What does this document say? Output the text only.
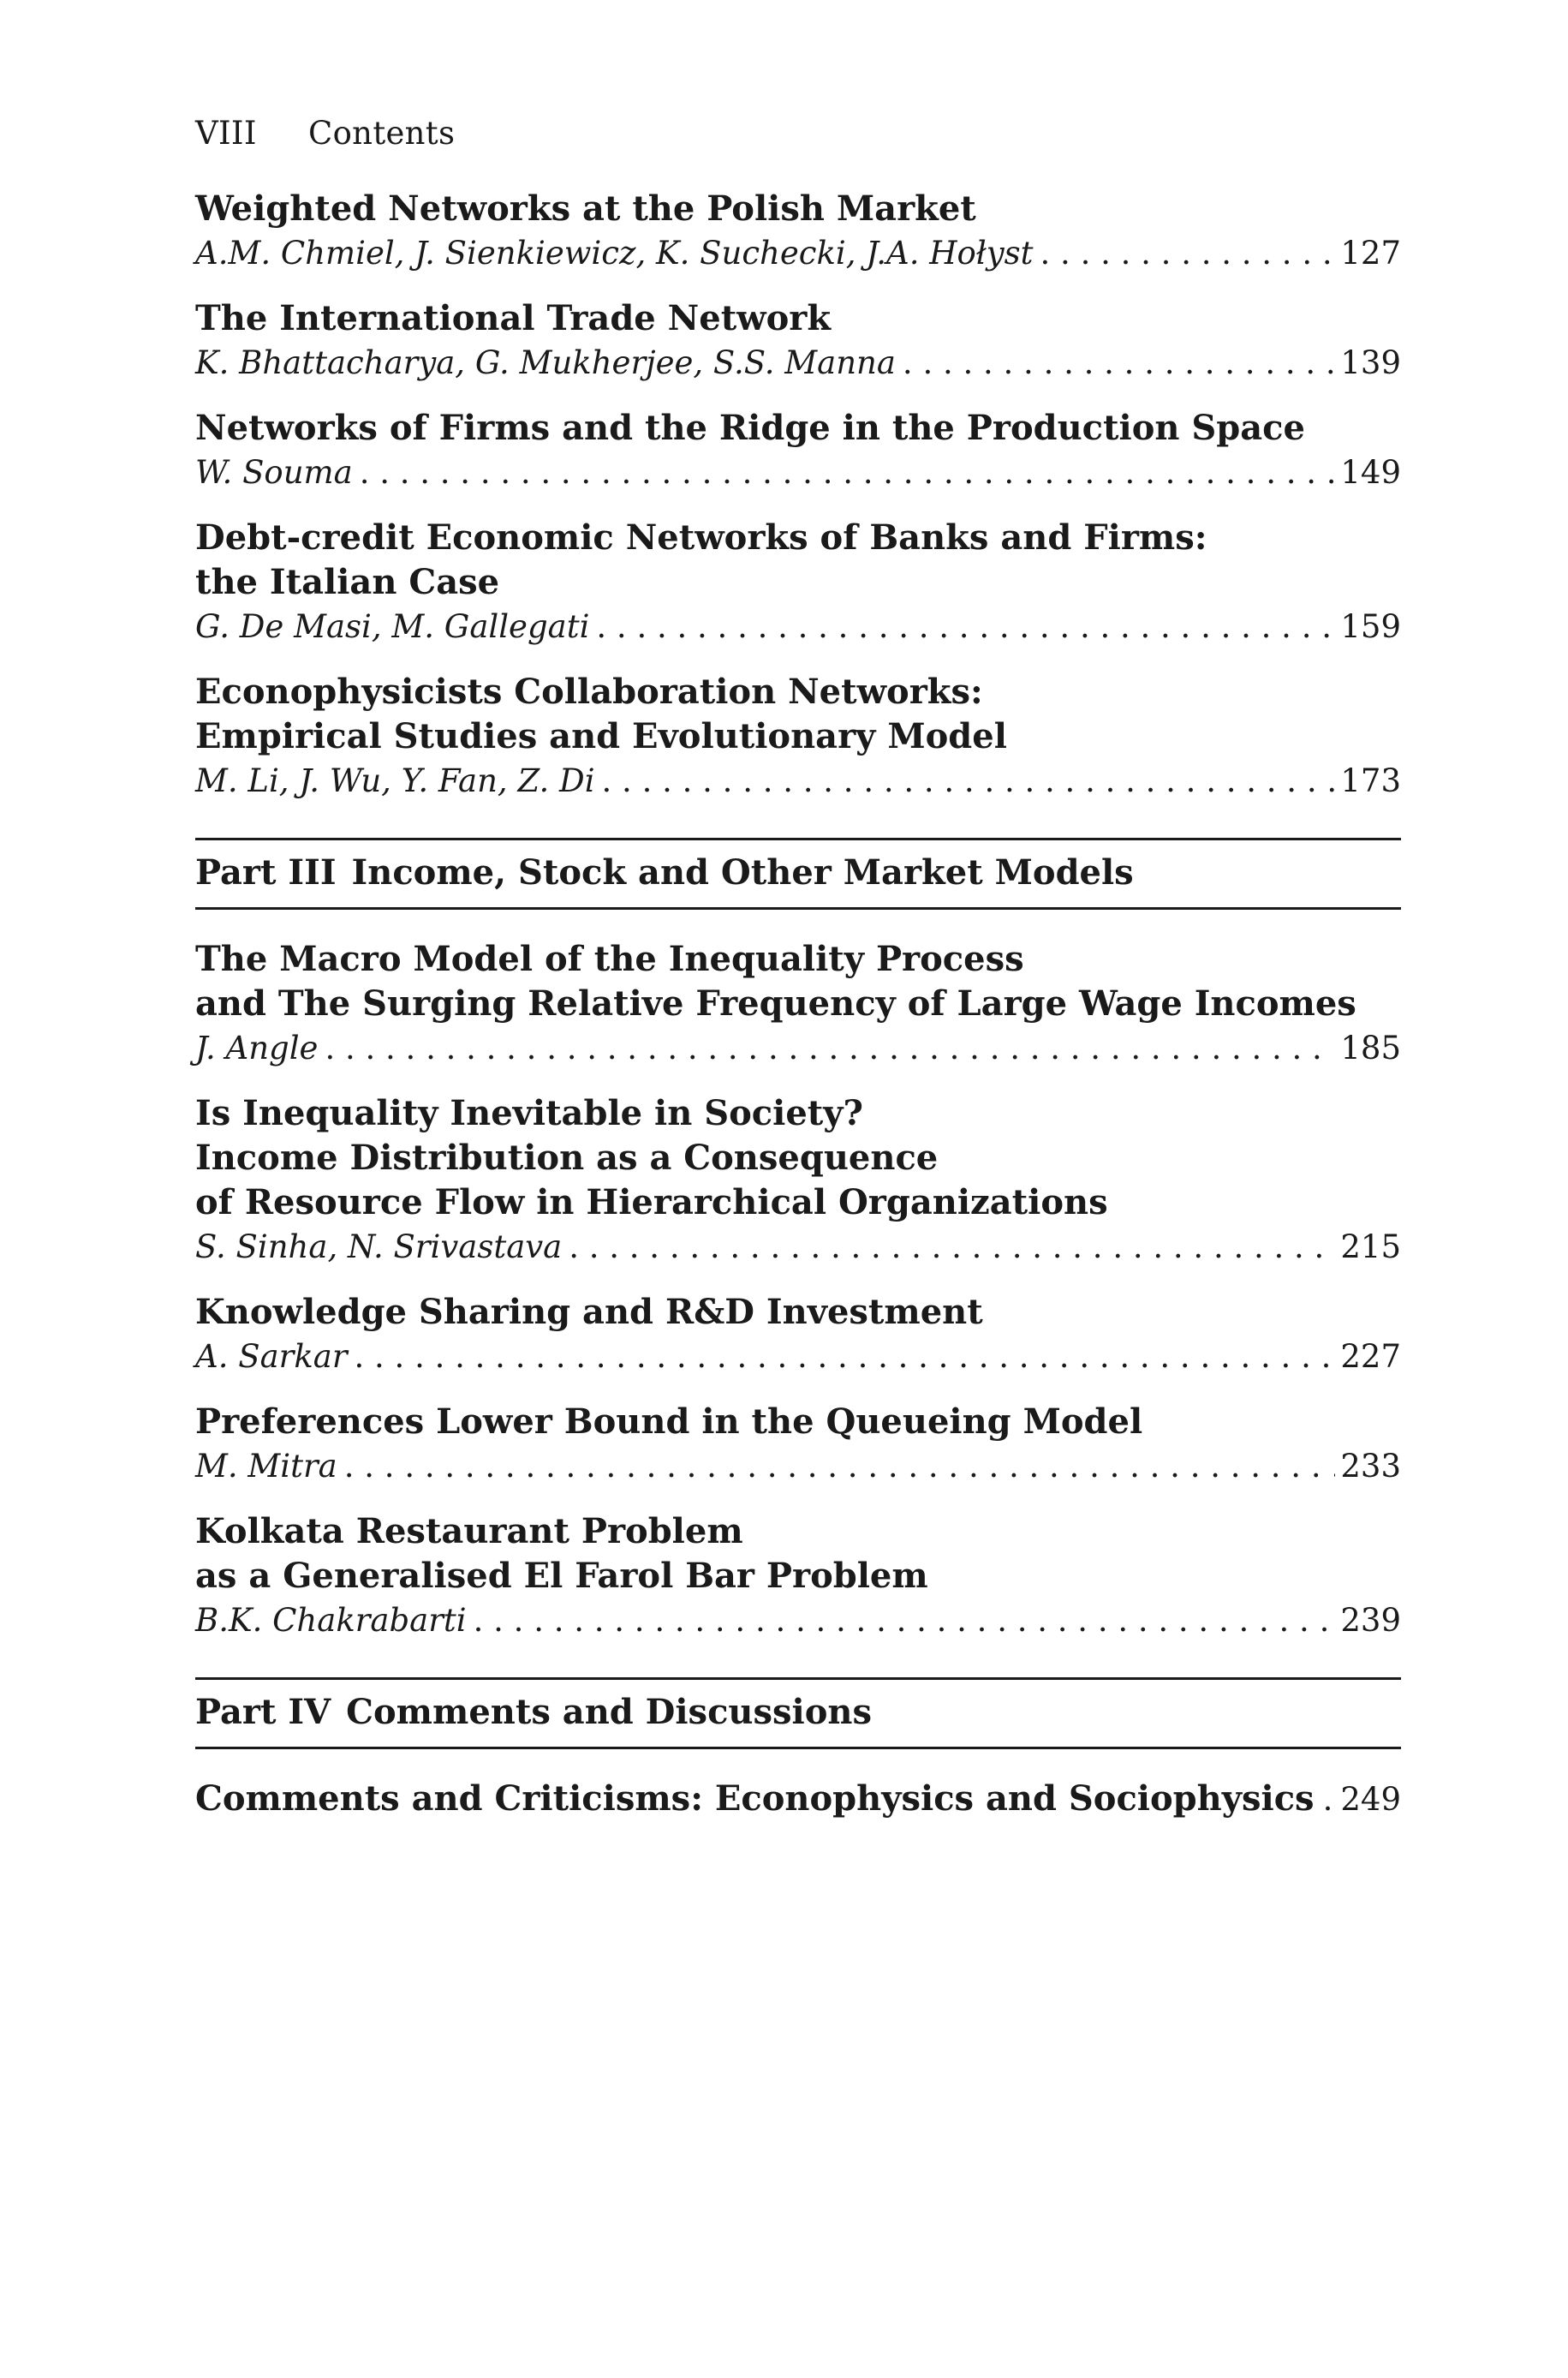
VIII Contents
Weighted Networks at the Polish Market
A.M. Chmiel, J. Sienkiewicz, K. Suchecki, J.A. Hołyst . . .	127
The International Trade Network
K. Bhattacharya, G. Mukherjee, S.S. Manna . . .	139
Networks of Firms and the Ridge in the Production Space
W. Souma . . .	149
Debt-credit Economic Networks of Banks and Firms:
the Italian Case
G. De Masi, M. Gallegati . . .	159
Econophysicists Collaboration Networks:
Empirical Studies and Evolutionary Model
M. Li, J. Wu, Y. Fan, Z. Di . . .	173
Part III Income, Stock and Other Market Models
The Macro Model of the Inequality Process
and The Surging Relative Frequency of Large Wage Incomes
J. Angle . . .	185
Is Inequality Inevitable in Society?
Income Distribution as a Consequence
of Resource Flow in Hierarchical Organizations
S. Sinha, N. Srivastava . . .	215
Knowledge Sharing and R&D Investment
A. Sarkar . . .	227
Preferences Lower Bound in the Queueing Model
M. Mitra . . .	233
Kolkata Restaurant Problem
as a Generalised El Farol Bar Problem
B.K. Chakrabarti . . .	239
Part IV Comments and Discussions
Comments and Criticisms: Econophysics and Sociophysics . . . 249
